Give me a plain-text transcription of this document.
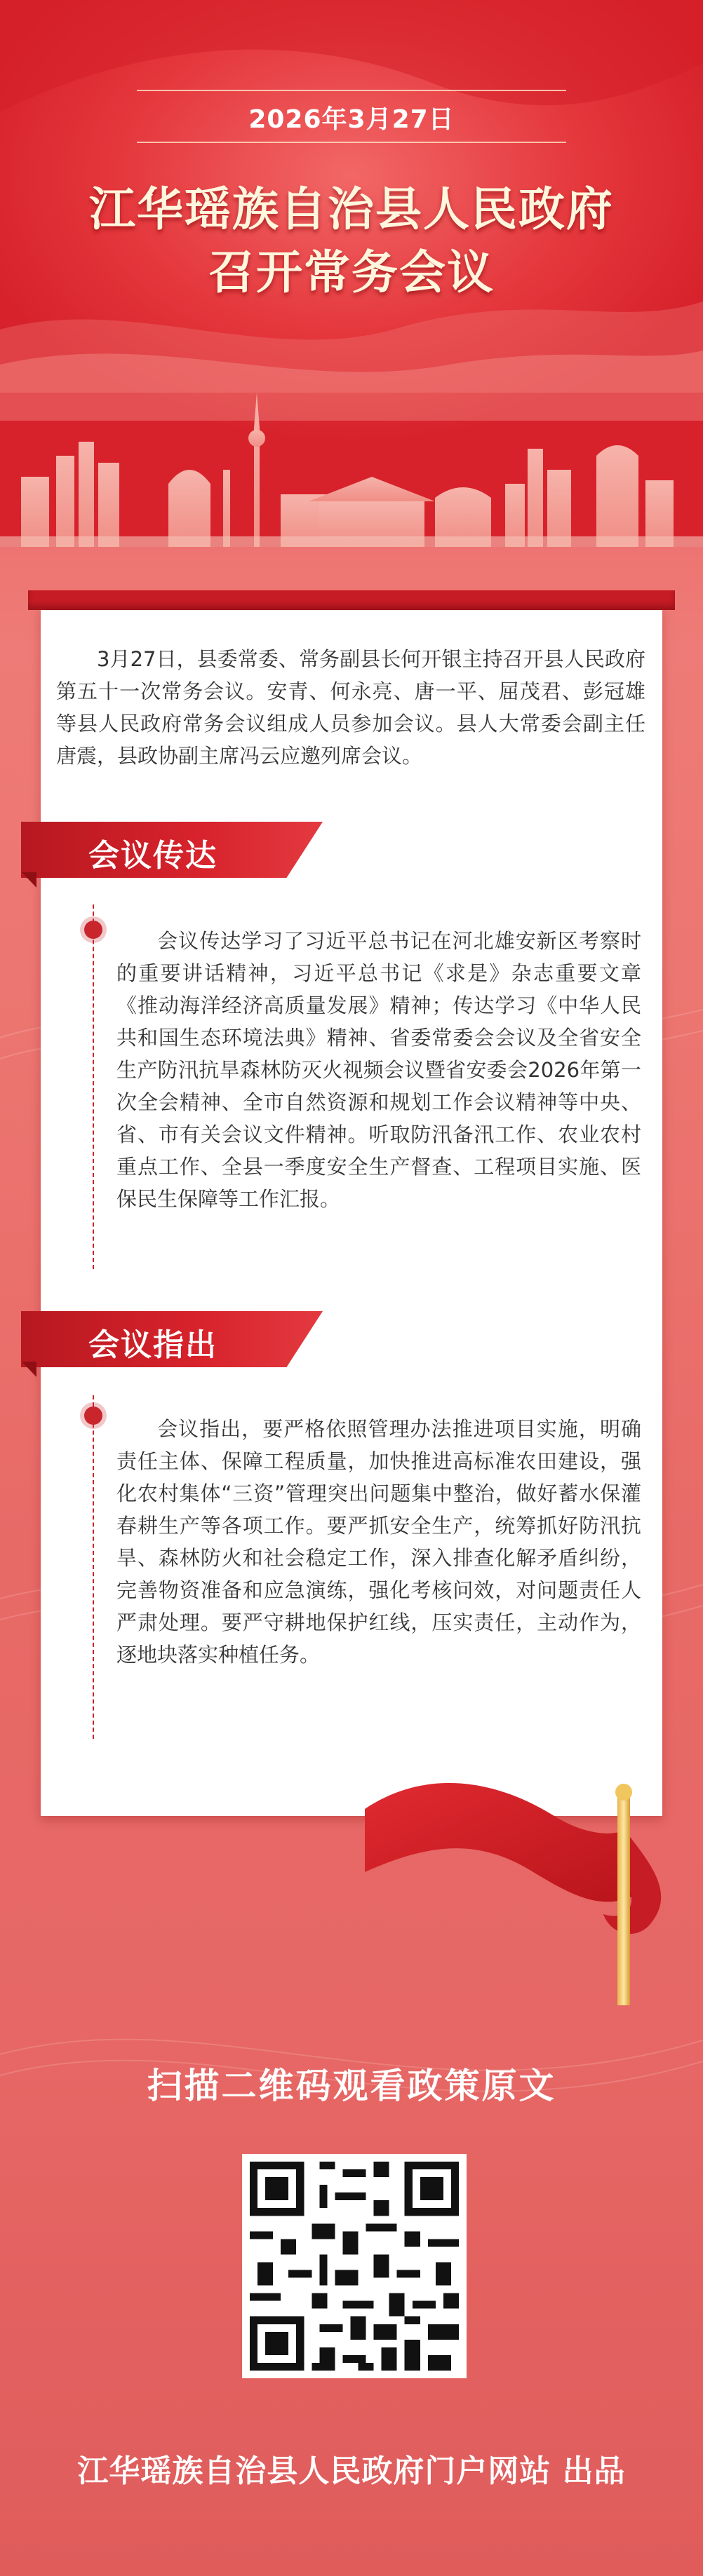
2026年3月27日
江华瑶族自治县人民政府
召开常务会议

3月27日，县委常委、常务副县长何开银主持召开县人民政府第五十一次常务会议。安青、何永亮、唐一平、屈茂君、彭冠雄等县人民政府常务会议组成人员参加会议。县人大常委会副主任唐震，县政协副主席冯云应邀列席会议。

会议传达

会议传达学习了习近平总书记在河北雄安新区考察时的重要讲话精神，习近平总书记《求是》杂志重要文章《推动海洋经济高质量发展》精神；传达学习《中华人民共和国生态环境法典》精神、省委常委会会议及全省安全生产防汛抗旱森林防灭火视频会议暨省安委会2026年第一次全会精神、全市自然资源和规划工作会议精神等中央、省、市有关会议文件精神。听取防汛备汛工作、农业农村重点工作、全县一季度安全生产督查、工程项目实施、医保民生保障等工作汇报。

会议指出

会议指出，要严格依照管理办法推进项目实施，明确责任主体、保障工程质量，加快推进高标准农田建设，强化农村集体“三资”管理突出问题集中整治，做好蓄水保灌春耕生产等各项工作。要严抓安全生产，统筹抓好防汛抗旱、森林防火和社会稳定工作，深入排查化解矛盾纠纷，完善物资准备和应急演练，强化考核问效，对问题责任人严肃处理。要严守耕地保护红线，压实责任，主动作为，逐地块落实种植任务。

扫描二维码观看政策原文
江华瑶族自治县人民政府门户网站 出品
